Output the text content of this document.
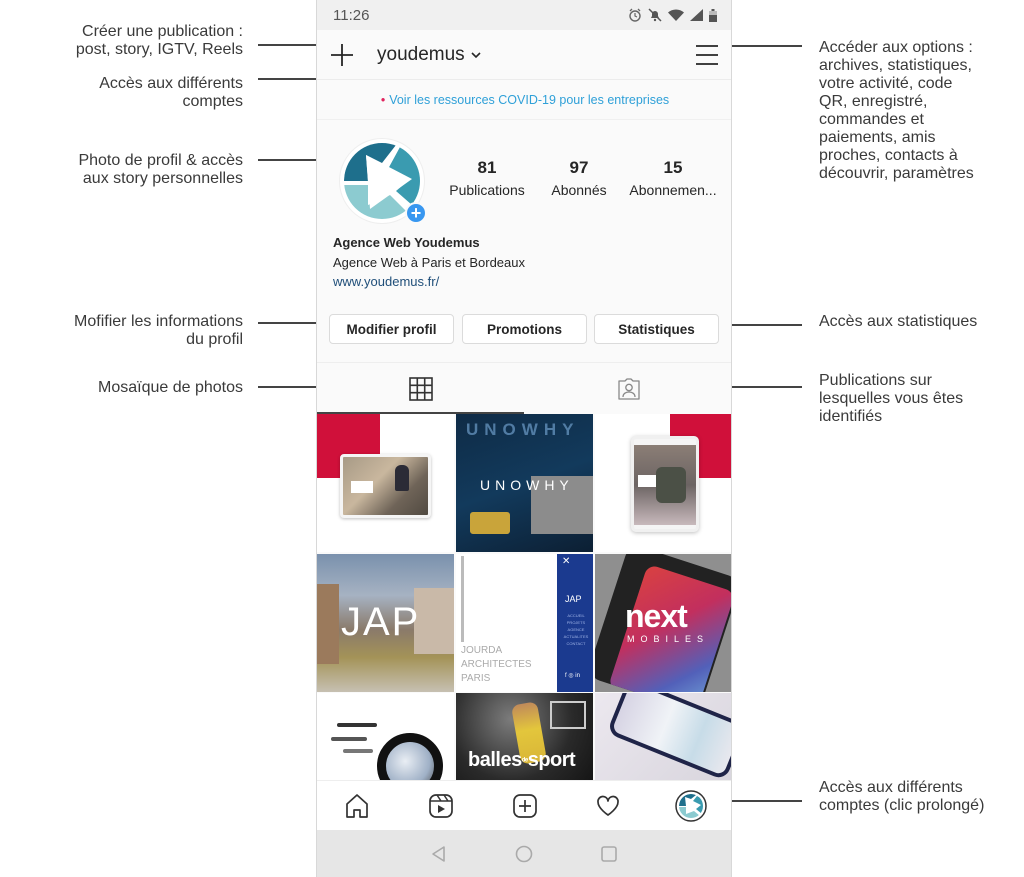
Créer une publication :
post, story, IGTV, Reels
Accès aux différents
comptes
Photo de profil & accès
aux story personnelles
Mofifier les informations
du profil
Mosaïque de photos
Accéder aux options :
archives, statistiques,
votre activité, code
QR, enregistré,
commandes et
paiements, amis
proches, contacts à
découvrir, paramètres
Accès aux statistiques
Publications sur
lesquelles vous êtes
identifiés
Accès aux différents
comptes (clic prolongé)
11:26
youdemus
• Voir les ressources COVID-19 pour les entreprises
+
81
Publications
97
Abonnés
15
Abonnemen...
Agence Web Youdemus
Agence Web à Paris et Bordeaux
www.youdemus.fr/
Modifier profil	Promotions	Statistiques
UNOWHY
UNOWHY
JAP
JOURDA ARCHITECTES PARIS
✕
JAP
ACCUEIL
PROJETS
AGENCE
ACTUALITES
CONTACT
f ◎ in
next
MOBILES
ballesdesport
